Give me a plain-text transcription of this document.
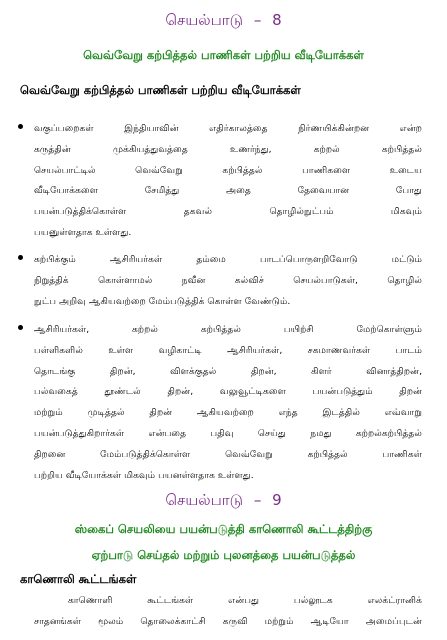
செயல்பாடு – 8
வெவ்வேறு கற்பித்தல் பாணிகள் பற்றிய வீடியோக்கள்
வெவ்வேறு கற்பித்தல் பாணிகள் பற்றிய வீடியோக்கள்
வகுப்பறைகள் இந்தியாவின் எதிர்காலத்தை நிர்ணயிக்கின்றன என்ற
கருத்தின் முக்கியத்துவத்தை உணர்ந்து, கற்றல் கற்பித்தல்
செயல்பாட்டில் வெவ்வேறு கற்பித்தல் பாணிகளை உடைய
வீடியோக்களை சேமித்து அதை தேவையான போது
பயன்படுத்திக்கொள்ள தகவல் தொழில்நுட்பம் மிகவும்
பயனுள்ளதாக உள்ளது.
கற்பிக்கும் ஆசிரியர்கள் தம்மை பாடப்பொருளறிவோடு மட்டும்
நிறுத்திக் கொள்ளாமல் நவீன கல்விச் செயல்பாடுகள், தொழில்
நுட்ப அறிவு ஆகியவற்றை மேம்படுத்திக் கொள்ள வேண்டும்.
ஆசிரியர்கள், கற்றல் கற்பித்தல் பயிற்சி மேற்கொள்ளும்
பள்ளிகளில் உள்ள வழிகாட்டி ஆசிரியர்கள், சகமாணவர்கள் பாடம்
தொடங்கு திறன், விளக்குதல் திறன், கிளர் வினாத்திறன்,
பல்வகைத் தூண்டல் திறன், வலுவூட்டிகளை பயன்படுத்தும் திறன்
மற்றும் முடித்தல் திறன் ஆகியவற்றை எந்த இடத்தில் எவ்வாறு
பயன்படுத்துகிறார்கள் என்பதை பதிவு செய்து நமது கற்றல்கற்பித்தல்
திறனை மேம்படுத்திக்கொள்ள வெவ்வேறு கற்பித்தல் பாணிகள்
பற்றிய வீடியோக்கள் மிகவும் பயனள்ளதாக உள்ளது.
செயல்பாடு – 9
ஸ்கைப் செயலியை பயன்படுத்தி காணொலி கூட்டத்திற்கு
ஏற்பாடு செய்தல் மற்றும் புலனத்தை பயன்படுத்தல்
காணொலி கூட்டங்கள்
காணொளி கூட்டங்கள் என்பது பல்லூடக எலக்ட்ரானிக்
சாதனங்கள் மூலம் தொலைக்காட்சி கருவி மற்றும் ஆடியோ அமைப்புடன்
